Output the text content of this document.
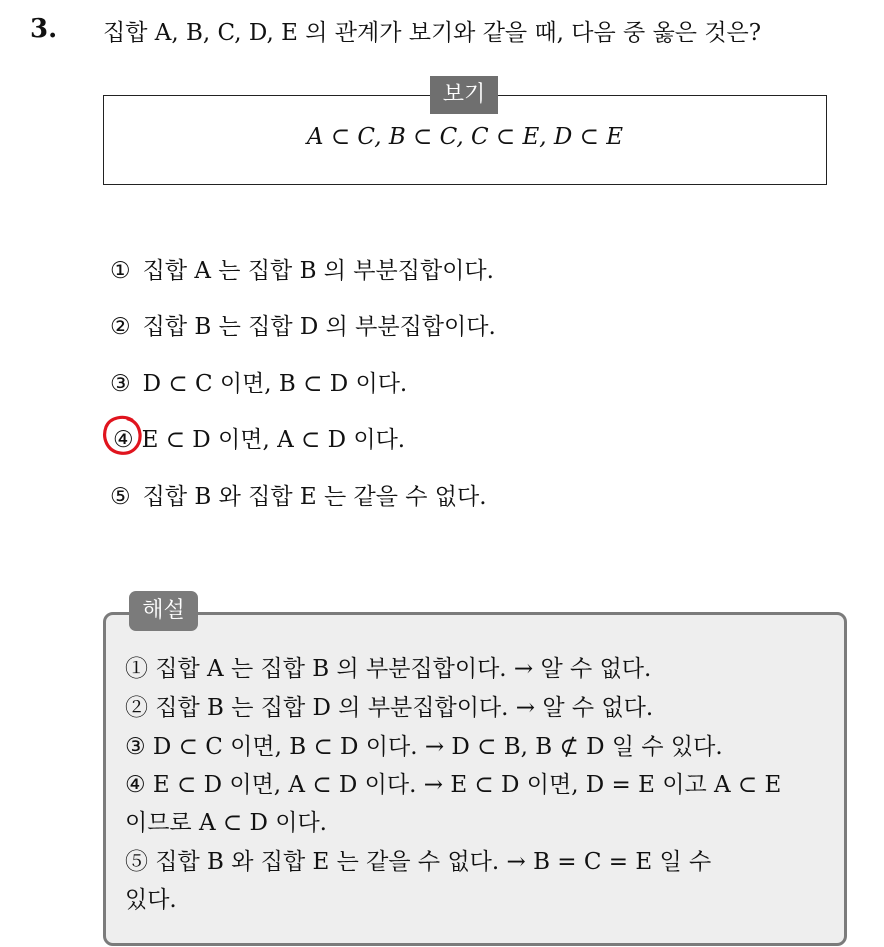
3. 집합 A, B, C, D, E 의 관계가 보기와 같을 때, 다음 중 옳은 것은?
보기
A ⊂ C, B ⊂ C, C ⊂ E, D ⊂ E
① 집합 A 는 집합 B 의 부분집합이다.
② 집합 B 는 집합 D 의 부분집합이다.
③ D ⊂ C 이면, B ⊂ D 이다.
④ E ⊂ D 이면, A ⊂ D 이다.
⑤ 집합 B 와 집합 E 는 같을 수 없다.
해설
① 집합 A 는 집합 B 의 부분집합이다. → 알 수 없다.
② 집합 B 는 집합 D 의 부분집합이다. → 알 수 없다.
③ D ⊂ C 이면, B ⊂ D 이다. → D ⊂ B, B ⊄ D 일 수 있다.
④ E ⊂ D 이면, A ⊂ D 이다. → E ⊂ D 이면, D = E 이고 A ⊂ E
이므로 A ⊂ D 이다.
⑤ 집합 B 와 집합 E 는 같을 수 없다. → B = C = E 일 수
있다.
